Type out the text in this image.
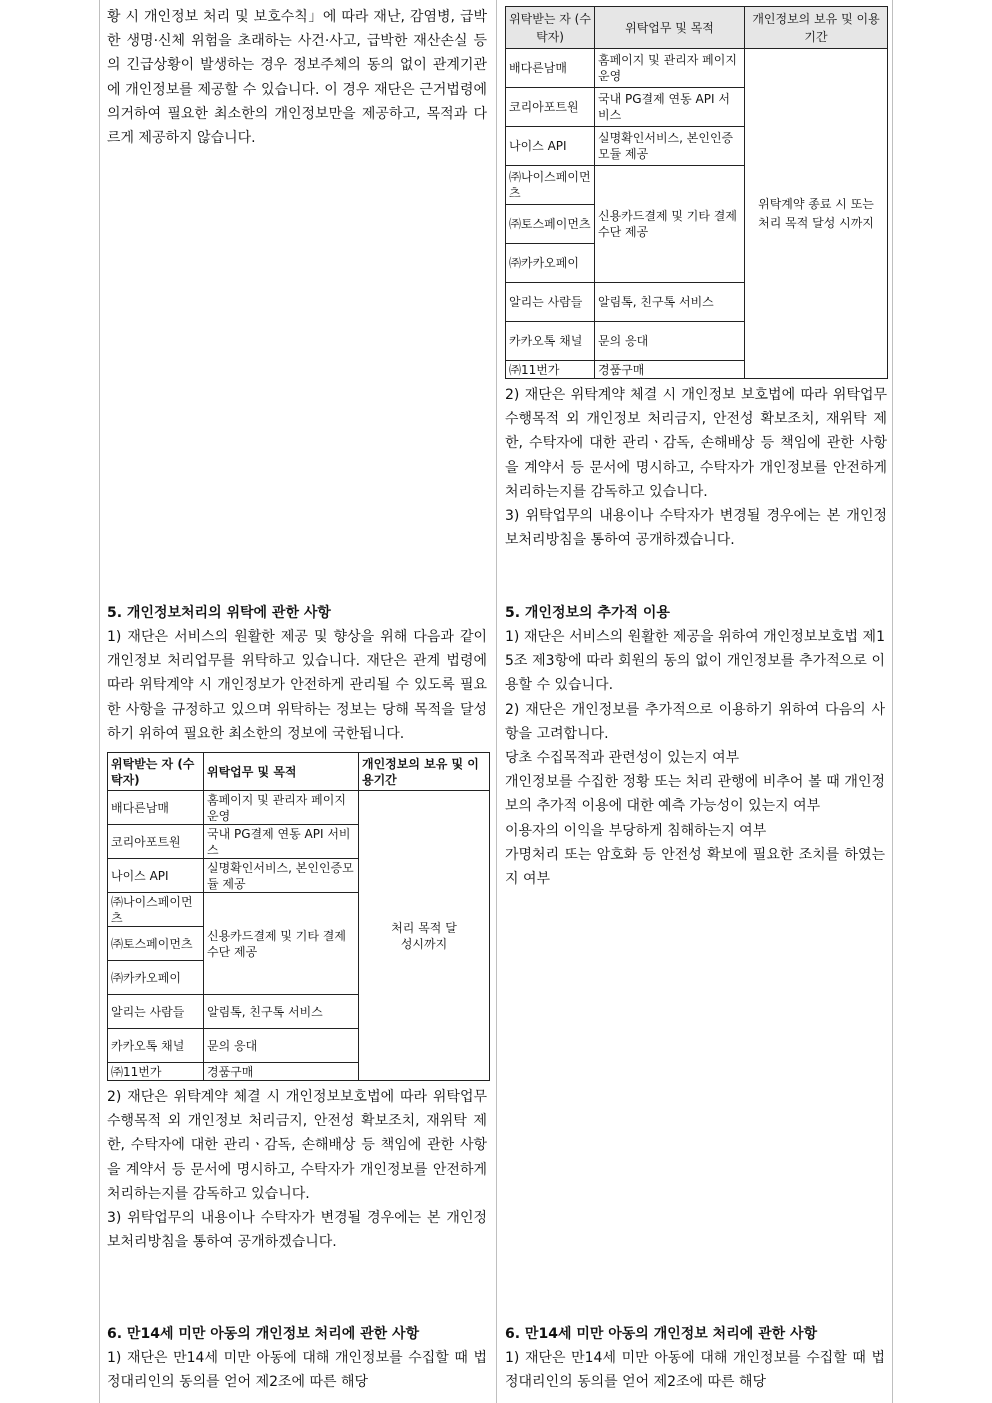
황 시 개인정보 처리 및 보호수칙」에 따라 재난, 감염병, 급박한 생명·신체 위험을 초래하는 사건·사고, 급박한 재산손실 등의 긴급상황이 발생하는 경우 정보주체의 동의 없이 관계기관에 개인정보를 제공할 수 있습니다. 이 경우 재단은 근거법령에 의거하여 필요한 최소한의 개인정보만을 제공하고, 목적과 다르게 제공하지 않습니다.

위탁받는 자 (수탁자)	위탁업무 및 목적	개인정보의 보유 및 이용기간
배다른남매	홈페이지 및 관리자 페이지 운영	위탁계약 종료 시 또는 처리 목적 달성 시까지
코리아포트원	국내 PG결제 연동 API 서비스	
나이스 API	실명확인서비스, 본인인증모듈 제공	
㈜나이스페이먼츠	신용카드결제 및 기타 결제수단 제공	
㈜토스페이먼츠		
㈜카카오페이		
알리는 사람들	알림톡, 친구톡 서비스	
카카오톡 채널	문의 응대	
㈜11번가	경품구매	

2) 재단은 위탁계약 체결 시 개인정보 보호법에 따라 위탁업무 수행목적 외 개인정보 처리금지, 안전성 확보조치, 재위탁 제한, 수탁자에 대한 관리ㆍ감독, 손해배상 등 책임에 관한 사항을 계약서 등 문서에 명시하고, 수탁자가 개인정보를 안전하게 처리하는지를 감독하고 있습니다.

3) 위탁업무의 내용이나 수탁자가 변경될 경우에는 본 개인정보처리방침을 통하여 공개하겠습니다.

5. 개인정보처리의 위탁에 관한 사항

1) 재단은 서비스의 원활한 제공 및 향상을 위해 다음과 같이 개인정보 처리업무를 위탁하고 있습니다. 재단은 관계 법령에 따라 위탁계약 시 개인정보가 안전하게 관리될 수 있도록 필요한 사항을 규정하고 있으며 위탁하는 정보는 당해 목적을 달성하기 위하여 필요한 최소한의 정보에 국한됩니다.

위탁받는 자 (수탁자)	위탁업무 및 목적	개인정보의 보유 및 이용기간
배다른남매	홈페이지 및 관리자 페이지 운영	처리 목적 달성시까지
코리아포트원	국내 PG결제 연동 API 서비스	
나이스 API	실명확인서비스, 본인인증모듈 제공	
㈜나이스페이먼츠	신용카드결제 및 기타 결제수단 제공	
㈜토스페이먼츠		
㈜카카오페이		
알리는 사람들	알림톡, 친구톡 서비스	
카카오톡 채널	문의 응대	
㈜11번가	경품구매	

2) 재단은 위탁계약 체결 시 개인정보보호법에 따라 위탁업무 수행목적 외 개인정보 처리금지, 안전성 확보조치, 재위탁 제한, 수탁자에 대한 관리ㆍ감독, 손해배상 등 책임에 관한 사항을 계약서 등 문서에 명시하고, 수탁자가 개인정보를 안전하게 처리하는지를 감독하고 있습니다.

3) 위탁업무의 내용이나 수탁자가 변경될 경우에는 본 개인정보처리방침을 통하여 공개하겠습니다.

5. 개인정보의 추가적 이용

1) 재단은 서비스의 원활한 제공을 위하여 개인정보보호법 제15조 제3항에 따라 회원의 동의 없이 개인정보를 추가적으로 이용할 수 있습니다.

2) 재단은 개인정보를 추가적으로 이용하기 위하여 다음의 사항을 고려합니다.

당초 수집목적과 관련성이 있는지 여부

개인정보를 수집한 정황 또는 처리 관행에 비추어 볼 때 개인정보의 추가적 이용에 대한 예측 가능성이 있는지 여부

이용자의 이익을 부당하게 침해하는지 여부

가명처리 또는 암호화 등 안전성 확보에 필요한 조치를 하였는지 여부

6. 만14세 미만 아동의 개인정보 처리에 관한 사항

1) 재단은 만14세 미만 아동에 대해 개인정보를 수집할 때 법정대리인의 동의를 얻어 제2조에 따른 해당

6. 만14세 미만 아동의 개인정보 처리에 관한 사항

1) 재단은 만14세 미만 아동에 대해 개인정보를 수집할 때 법정대리인의 동의를 얻어 제2조에 따른 해당
